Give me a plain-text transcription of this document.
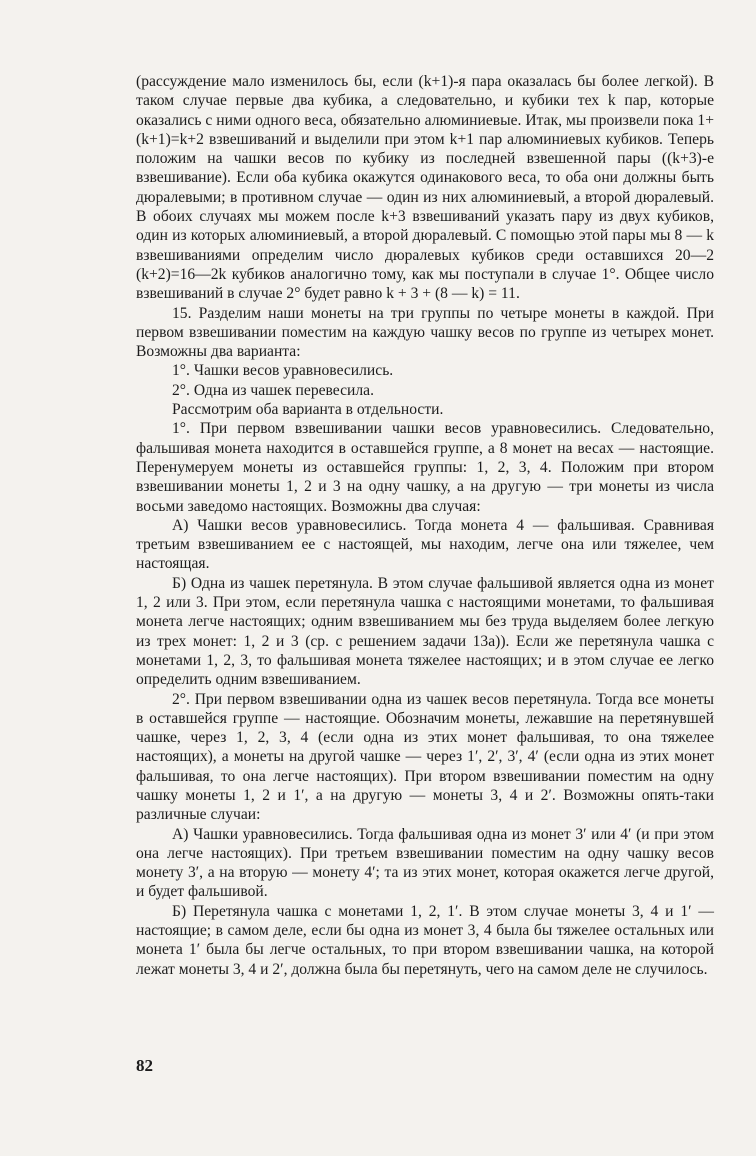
(рассуждение мало изменилось бы, если (k+1)-я пара оказалась бы более легкой). В таком случае первые два кубика, а следовательно, и кубики тех k пар, которые оказались с ними одного веса, обязательно алюминиевые. Итак, мы произвели пока 1+(k+1)=k+2 взвешиваний и выделили при этом k+1 пар алюминиевых кубиков. Теперь положим на чашки весов по кубику из последней взвешенной пары ((k+3)-е взвешивание). Если оба кубика окажутся одинакового веса, то оба они должны быть дюралевыми; в противном случае — один из них алюминиевый, а второй дюралевый. В обоих случаях мы можем после k+3 взвешиваний указать пару из двух кубиков, один из которых алюминиевый, а второй дюралевый. С помощью этой пары мы 8 — k взвешиваниями определим число дюралевых кубиков среди оставшихся 20—2 (k+2)=16—2k кубиков аналогично тому, как мы поступали в случае 1°. Общее число взвешиваний в случае 2° будет равно k + 3 + (8 — k) = 11.

15. Разделим наши монеты на три группы по четыре монеты в каждой. При первом взвешивании поместим на каждую чашку весов по группе из четырех монет. Возможны два варианта:

1°. Чашки весов уравновесились.

2°. Одна из чашек перевесила.

Рассмотрим оба варианта в отдельности.

1°. При первом взвешивании чашки весов уравновесились. Следовательно, фальшивая монета находится в оставшейся группе, а 8 монет на весах — настоящие. Перенумеруем монеты из оставшейся группы: 1, 2, 3, 4. Положим при втором взвешивании монеты 1, 2 и 3 на одну чашку, а на другую — три монеты из числа восьми заведомо настоящих. Возможны два случая:

А) Чашки весов уравновесились. Тогда монета 4 — фальшивая. Сравнивая третьим взвешиванием ее с настоящей, мы находим, легче она или тяжелее, чем настоящая.

Б) Одна из чашек перетянула. В этом случае фальшивой является одна из монет 1, 2 или 3. При этом, если перетянула чашка с настоящими монетами, то фальшивая монета легче настоящих; одним взвешиванием мы без труда выделяем более легкую из трех монет: 1, 2 и 3 (ср. с решением задачи 13а)). Если же перетянула чашка с монетами 1, 2, 3, то фальшивая монета тяжелее настоящих; и в этом случае ее легко определить одним взвешиванием.

2°. При первом взвешивании одна из чашек весов перетянула. Тогда все монеты в оставшейся группе — настоящие. Обозначим монеты, лежавшие на перетянувшей чашке, через 1, 2, 3, 4 (если одна из этих монет фальшивая, то она тяжелее настоящих), а монеты на другой чашке — через 1′, 2′, 3′, 4′ (если одна из этих монет фальшивая, то она легче настоящих). При втором взвешивании поместим на одну чашку монеты 1, 2 и 1′, а на другую — монеты 3, 4 и 2′. Возможны опять-таки различные случаи:

А) Чашки уравновесились. Тогда фальшивая одна из монет 3′ или 4′ (и при этом она легче настоящих). При третьем взвешивании поместим на одну чашку весов монету 3′, а на вторую — монету 4′; та из этих монет, которая окажется легче другой, и будет фальшивой.

Б) Перетянула чашка с монетами 1, 2, 1′. В этом случае монеты 3, 4 и 1′ — настоящие; в самом деле, если бы одна из монет 3, 4 была бы тяжелее остальных или монета 1′ была бы легче остальных, то при втором взвешивании чашка, на которой лежат монеты 3, 4 и 2′, должна была бы перетянуть, чего на самом деле не случилось.

82
